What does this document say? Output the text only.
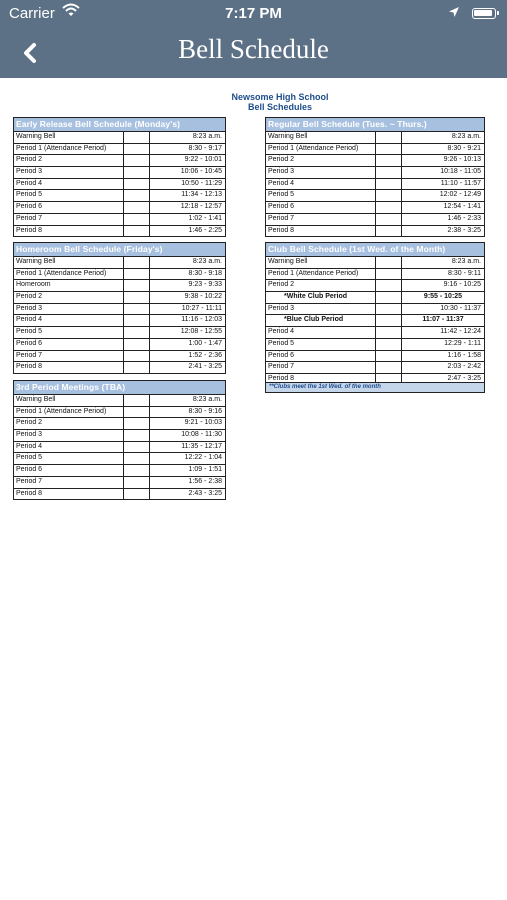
Carrier	7:17 PM
Bell Schedule
Newsome High School
Bell Schedules
Early Release Bell Schedule (Monday's)
Warning Bell	8:23 a.m.
Period 1 (Attendance Period)	8:30 - 9:17
Period 2	9:22 - 10:01
Period 3	10:06 - 10:45
Period 4	10:50 - 11:29
Period 5	11:34 - 12:13
Period 6	12:18 - 12:57
Period 7	1:02 - 1:41
Period 8	1:46 - 2:25
Regular Bell Schedule (Tues. ~ Thurs.)
Warning Bell	8:23 a.m.
Period 1 (Attendance Period)	8:30 - 9:21
Period 2	9:26 - 10:13
Period 3	10:18 - 11:05
Period 4	11:10 - 11:57
Period 5	12:02 - 12:49
Period 6	12:54 - 1:41
Period 7	1:46 - 2:33
Period 8	2:38 - 3:25
Homeroom Bell Schedule (Friday's)
Warning Bell	8:23 a.m.
Period 1 (Attendance Period)	8:30 - 9:18
Homeroom	9:23 - 9:33
Period 2	9:38 - 10:22
Period 3	10:27 - 11:11
Period 4	11:16 - 12:03
Period 5	12:08 - 12:55
Period 6	1:00 - 1:47
Period 7	1:52 - 2:36
Period 8	2:41 - 3:25
Club Bell Schedule (1st Wed. of the Month)
Warning Bell	8:23 a.m.
Period 1 (Attendance Period)	8:30 - 9:11
Period 2	9:16 - 10:25
*White Club Period	9:55 - 10:25
Period 3	10:30 - 11:37
*Blue Club Period	11:07 - 11:37
Period 4	11:42 - 12:24
Period 5	12:29 - 1:11
Period 6	1:16 - 1:58
Period 7	2:03 - 2:42
Period 8	2:47 - 3:25
**Clubs meet the 1st Wed. of the month
3rd Period Meetings (TBA)
Warning Bell	8:23 a.m.
Period 1 (Attendance Period)	8:30 - 9:16
Period 2	9:21 - 10:03
Period 3	10:08 - 11:30
Period 4	11:35 - 12:17
Period 5	12:22 - 1:04
Period 6	1:09 - 1:51
Period 7	1:56 - 2:38
Period 8	2:43 - 3:25
